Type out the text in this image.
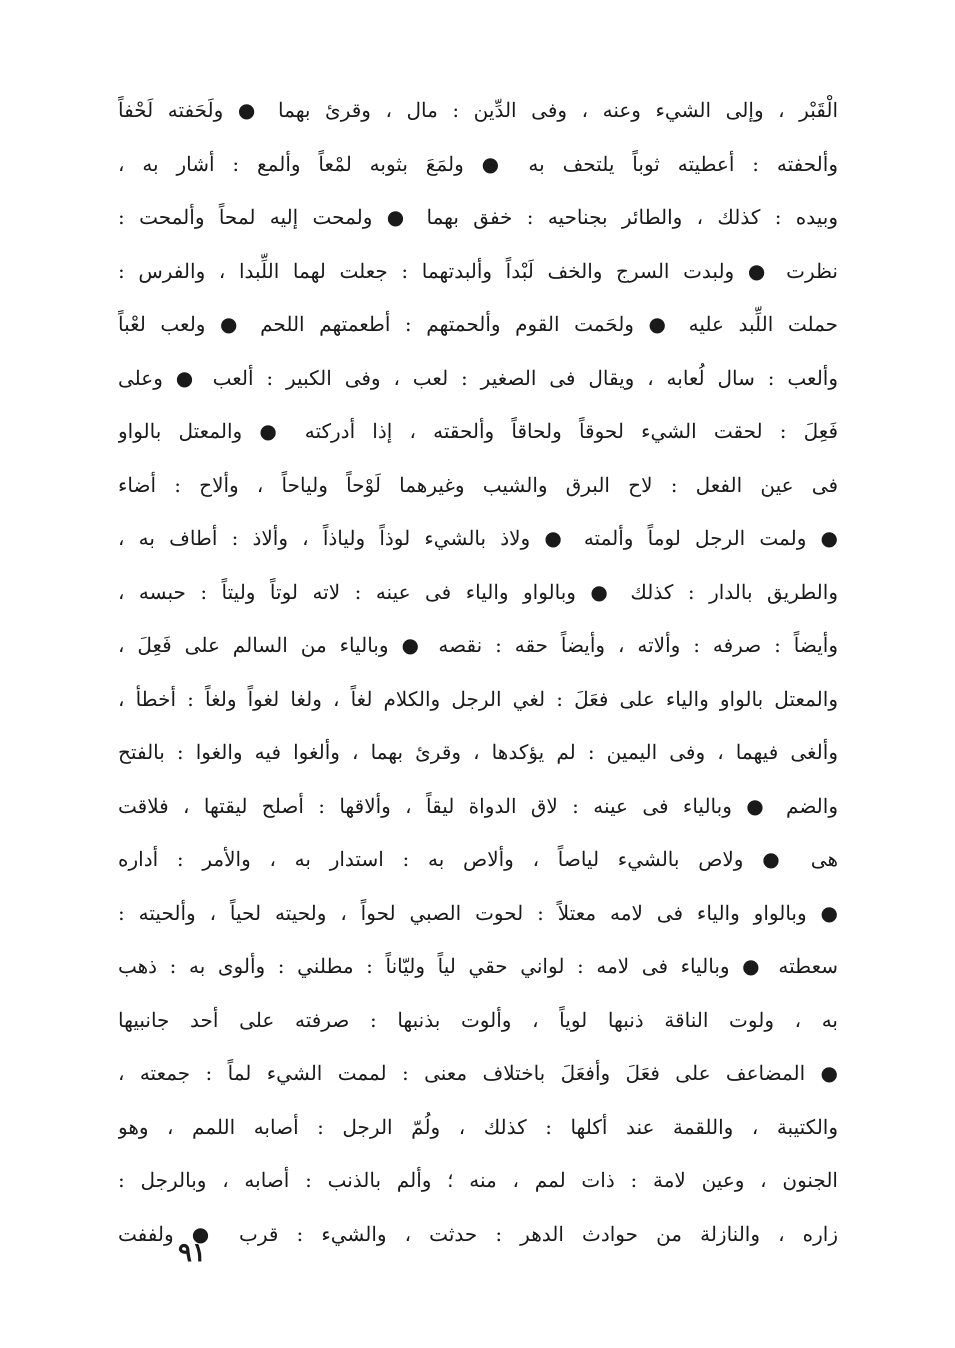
الْقَبْر ، وإلى الشيء وعنه ، وفى الدِّين : مال ، وقرئ بهما ● ولَحَفته لَحْفاً
وألحفته : أعطيته ثوباً يلتحف به ● ولمَعَ بثوبه لمْعاً وألمع : أشار به ،
وبيده : كذلك ، والطائر بجناحيه : خفق بهما ● ولمحت إليه لمحاً وألمحت :
نظرت ● ولبدت السرج والخف لَبْداً وألبدتهما : جعلت لهما اللِّبدا ، والفرس :
حملت اللِّبد عليه ● ولحَمت القوم وألحمتهم : أطعمتهم اللحم ● ولعب لعْباً
وألعب : سال لُعابه ، ويقال فى الصغير : لعب ، وفى الكبير : ألعب ● وعلى
فَعِلَ : لحقت الشيء لحوقاً ولحاقاً وألحقته ، إذا أدركته ● والمعتل بالواو
فى عين الفعل : لاح البرق والشيب وغيرهما لَوْحاً ولياحاً ، وألاح : أضاء
● ولمت الرجل لوماً وألمته ● ولاذ بالشيء لوذاً ولياذاً ، وألاذ : أطاف به ،
والطريق بالدار : كذلك ● وبالواو والياء فى عينه : لاته لوتاً وليتاً : حبسه ،
وأيضاً : صرفه : وألاته ، وأيضاً حقه : نقصه ● وبالياء من السالم على فَعِلَ ،
والمعتل بالواو والياء على فعَلَ : لغي الرجل والكلام لغاً ، ولغا لغواً ولغاً : أخطأ ،
وألغى فيهما ، وفى اليمين : لم يؤكدها ، وقرئ بهما ، وألغوا فيه والغوا : بالفتح
والضم ● وبالياء فى عينه : لاق الدواة ليقاً ، وألاقها : أصلح ليقتها ، فلاقت
هى ● ولاص بالشيء لياصاً ، وألاص به : استدار به ، والأمر : أداره
● وبالواو والياء فى لامه معتلاً : لحوت الصبي لحواً ، ولحيته لحياً ، وألحيته :
سعطته ● وبالياء فى لامه : لواني حقي لياً وليّاناً : مطلني : وألوى به : ذهب
به ، ولوت الناقة ذنبها لوياً ، وألوت بذنبها : صرفته على أحد جانبيها
● المضاعف على فعَلَ وأفعَلَ باختلاف معنى : لممت الشيء لماً : جمعته ،
والكتيبة ، واللقمة عند أكلها : كذلك ، ولُمّ الرجل : أصابه اللمم ، وهو
الجنون ، وعين لامة : ذات لمم ، منه ؛ وألم بالذنب : أصابه ، وبالرجل :
زاره ، والنازلة من حوادث الدهر : حدثت ، والشيء : قرب ● ولففت
٩١
